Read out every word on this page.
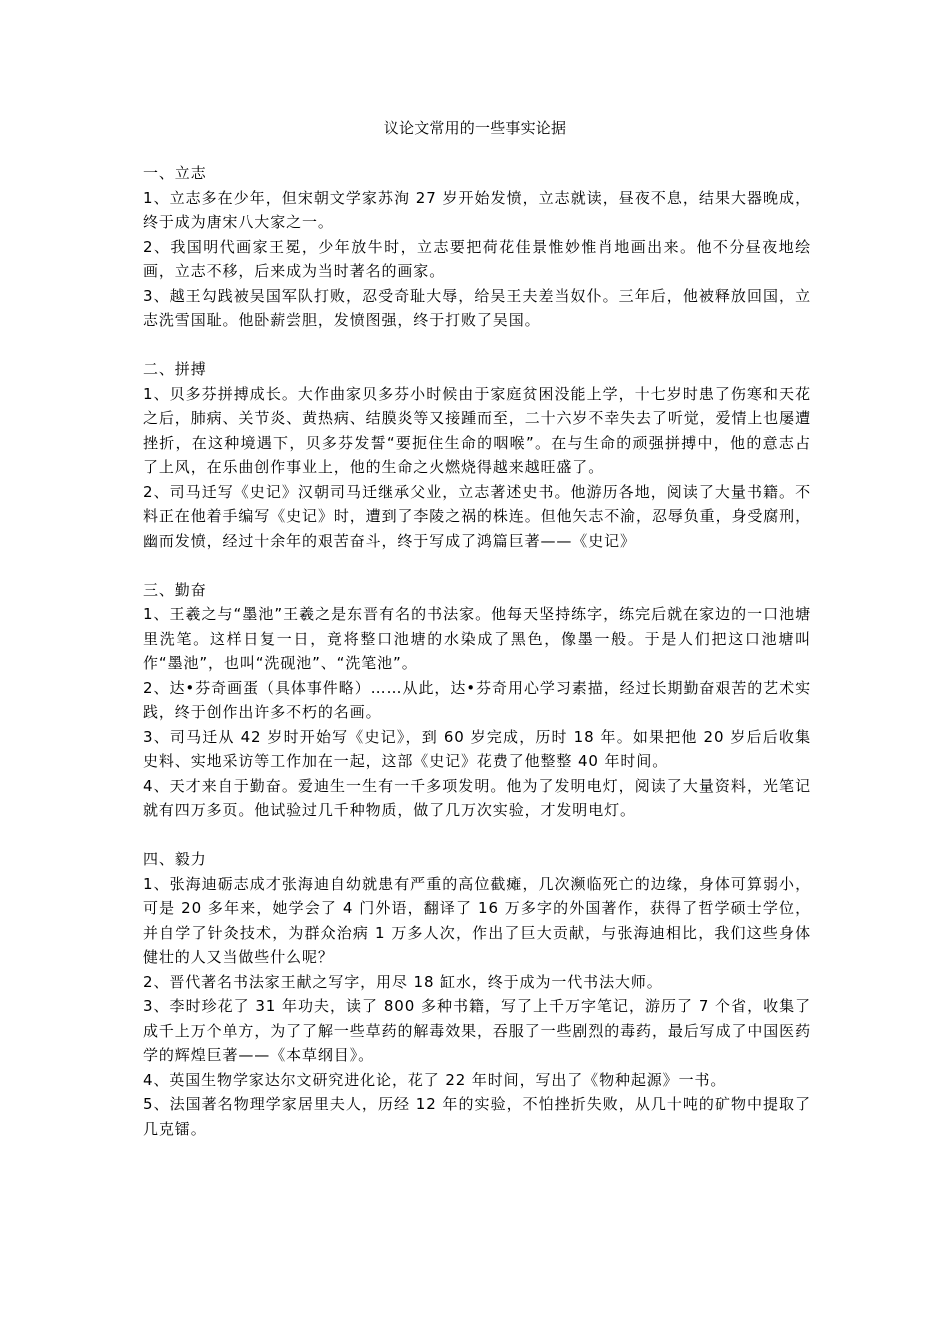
议论文常用的一些事实论据

一、立志

1、立志多在少年，但宋朝文学家苏洵 27 岁开始发愤，立志就读，昼夜不息，结果大器晚成，终于成为唐宋八大家之一。

2、我国明代画家王冕，少年放牛时，立志要把荷花佳景惟妙惟肖地画出来。他不分昼夜地绘画，立志不移，后来成为当时著名的画家。

3、越王勾践被吴国军队打败，忍受奇耻大辱，给吴王夫差当奴仆。三年后，他被释放回国，立志洗雪国耻。他卧薪尝胆，发愤图强，终于打败了吴国。

二、拼搏

1、贝多芬拼搏成长。大作曲家贝多芬小时候由于家庭贫困没能上学，十七岁时患了伤寒和天花之后，肺病、关节炎、黄热病、结膜炎等又接踵而至，二十六岁不幸失去了听觉，爱情上也屡遭挫折，在这种境遇下，贝多芬发誓“要扼住生命的咽喉”。在与生命的顽强拼搏中，他的意志占了上风，在乐曲创作事业上，他的生命之火燃烧得越来越旺盛了。

2、司马迁写《史记》汉朝司马迁继承父业，立志著述史书。他游历各地，阅读了大量书籍。不料正在他着手编写《史记》时，遭到了李陵之祸的株连。但他矢志不渝，忍辱负重，身受腐刑，幽而发愤，经过十余年的艰苦奋斗，终于写成了鸿篇巨著——《史记》

三、勤奋

1、王羲之与“墨池”王羲之是东晋有名的书法家。他每天坚持练字，练完后就在家边的一口池塘里洗笔。这样日复一日，竟将整口池塘的水染成了黑色，像墨一般。于是人们把这口池塘叫作“墨池”，也叫“洗砚池”、“洗笔池”。

2、达•芬奇画蛋（具体事件略）……从此，达•芬奇用心学习素描，经过长期勤奋艰苦的艺术实践，终于创作出许多不朽的名画。

3、司马迁从 42 岁时开始写《史记》，到 60 岁完成，历时 18 年。如果把他 20 岁后后收集史料、实地采访等工作加在一起，这部《史记》花费了他整整 40 年时间。

4、天才来自于勤奋。爱迪生一生有一千多项发明。他为了发明电灯，阅读了大量资料，光笔记就有四万多页。他试验过几千种物质，做了几万次实验，才发明电灯。

四、毅力

1、张海迪砺志成才张海迪自幼就患有严重的高位截瘫，几次濒临死亡的边缘，身体可算弱小，可是 20 多年来，她学会了 4 门外语，翻译了 16 万多字的外国著作，获得了哲学硕士学位，并自学了针灸技术，为群众治病 1 万多人次，作出了巨大贡献，与张海迪相比，我们这些身体健壮的人又当做些什么呢？

2、晋代著名书法家王献之写字，用尽 18 缸水，终于成为一代书法大师。

3、李时珍花了 31 年功夫，读了 800 多种书籍，写了上千万字笔记，游历了 7 个省，收集了成千上万个单方，为了了解一些草药的解毒效果，吞服了一些剧烈的毒药，最后写成了中国医药学的辉煌巨著——《本草纲目》。

4、英国生物学家达尔文研究进化论，花了 22 年时间，写出了《物种起源》一书。

5、法国著名物理学家居里夫人，历经 12 年的实验，不怕挫折失败，从几十吨的矿物中提取了几克镭。
